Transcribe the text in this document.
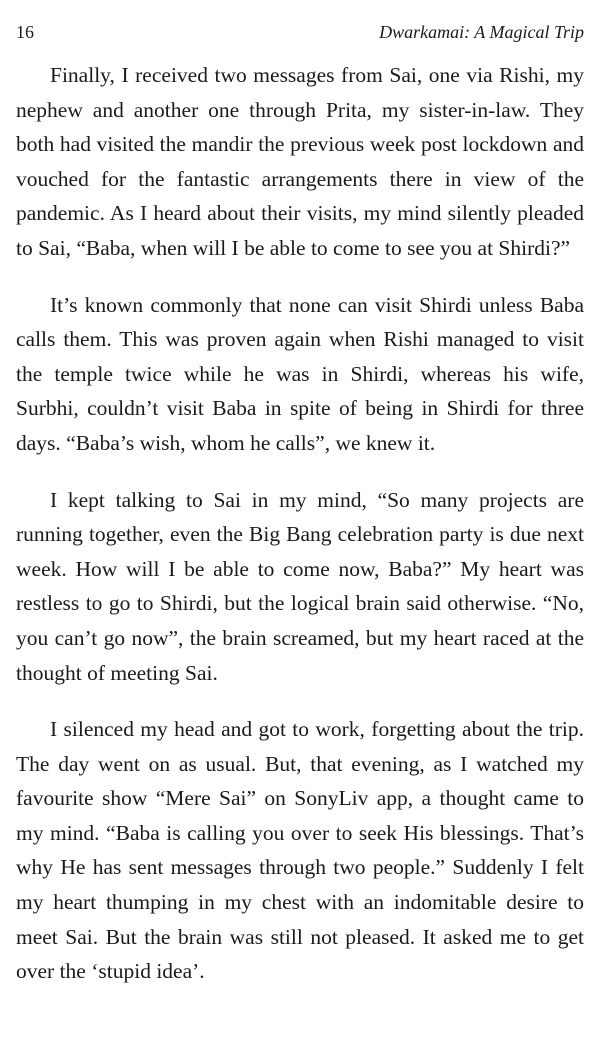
16	Dwarkamai: A Magical Trip

Finally, I received two messages from Sai, one via Rishi, my nephew and another one through Prita, my sister-in-law. They both had visited the mandir the previous week post lockdown and vouched for the fantastic arrangements there in view of the pandemic. As I heard about their visits, my mind silently pleaded to Sai, “Baba, when will I be able to come to see you at Shirdi?”

It’s known commonly that none can visit Shirdi unless Baba calls them. This was proven again when Rishi managed to visit the temple twice while he was in Shirdi, whereas his wife, Surbhi, couldn’t visit Baba in spite of being in Shirdi for three days. “Baba’s wish, whom he calls”, we knew it.

I kept talking to Sai in my mind, “So many projects are running together, even the Big Bang celebration party is due next week. How will I be able to come now, Baba?” My heart was restless to go to Shirdi, but the logical brain said otherwise. “No, you can’t go now”, the brain screamed, but my heart raced at the thought of meeting Sai.

I silenced my head and got to work, forgetting about the trip. The day went on as usual. But, that evening, as I watched my favourite show “Mere Sai” on SonyLiv app, a thought came to my mind. “Baba is calling you over to seek His blessings. That’s why He has sent messages through two people.” Suddenly I felt my heart thumping in my chest with an indomitable desire to meet Sai. But the brain was still not pleased. It asked me to get over the ‘stupid idea’.
